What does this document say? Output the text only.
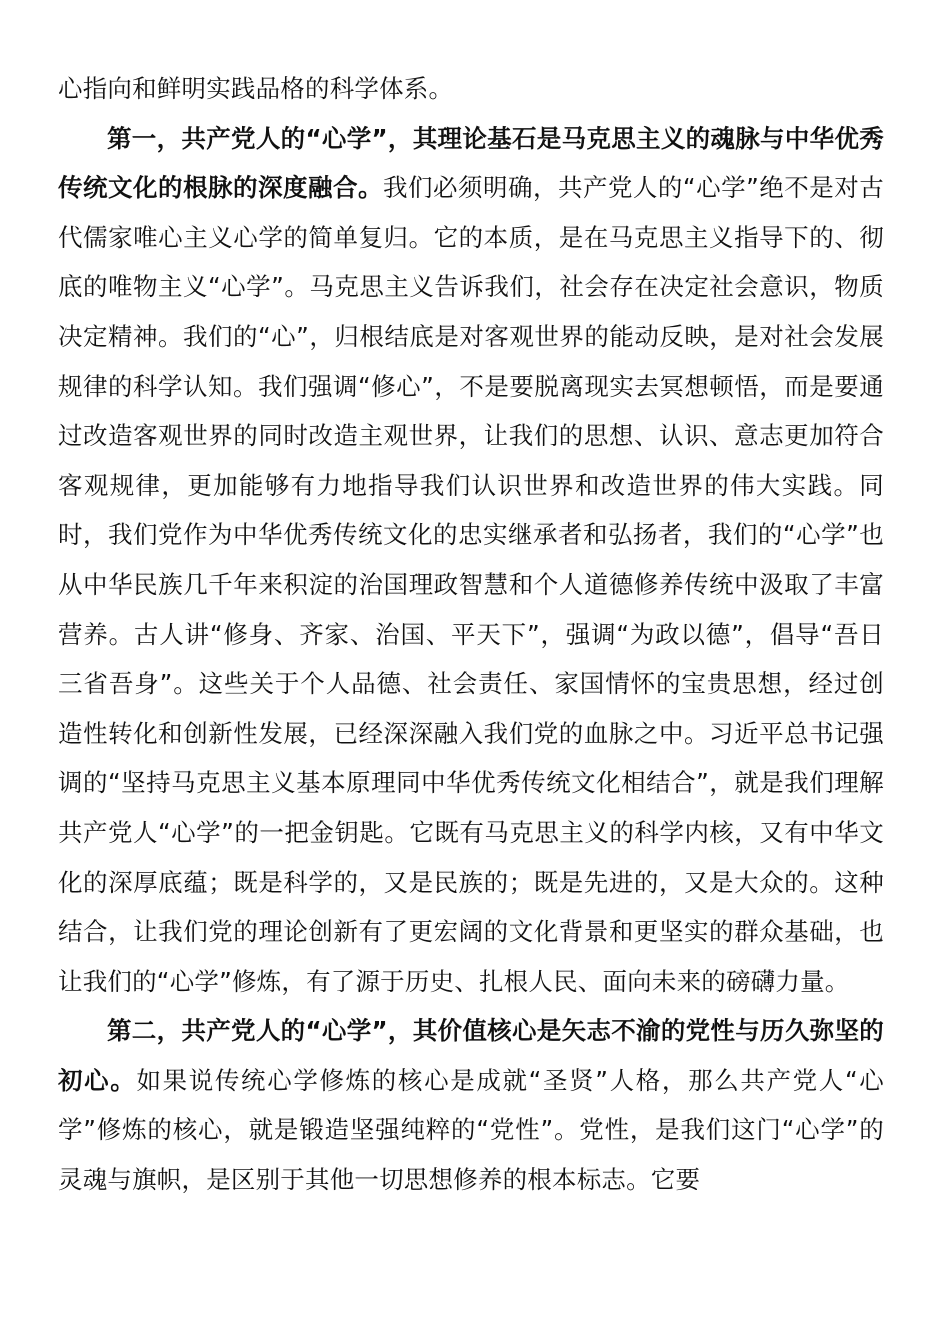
心指向和鲜明实践品格的科学体系。

第一，共产党人的“心学”，其理论基石是马克思主义的魂脉与中华优秀传统文化的根脉的深度融合。我们必须明确，共产党人的“心学”绝不是对古代儒家唯心主义心学的简单复归。它的本质，是在马克思主义指导下的、彻底的唯物主义“心学”。马克思主义告诉我们，社会存在决定社会意识，物质决定精神。我们的“心”，归根结底是对客观世界的能动反映，是对社会发展规律的科学认知。我们强调“修心”，不是要脱离现实去冥想顿悟，而是要通过改造客观世界的同时改造主观世界，让我们的思想、认识、意志更加符合客观规律，更加能够有力地指导我们认识世界和改造世界的伟大实践。同时，我们党作为中华优秀传统文化的忠实继承者和弘扬者，我们的“心学”也从中华民族几千年来积淀的治国理政智慧和个人道德修养传统中汲取了丰富营养。古人讲“修身、齐家、治国、平天下”，强调“为政以德”，倡导“吾日三省吾身”。这些关于个人品德、社会责任、家国情怀的宝贵思想，经过创造性转化和创新性发展，已经深深融入我们党的血脉之中。习近平总书记强调的“坚持马克思主义基本原理同中华优秀传统文化相结合”，就是我们理解共产党人“心学”的一把金钥匙。它既有马克思主义的科学内核，又有中华文化的深厚底蕴；既是科学的，又是民族的；既是先进的，又是大众的。这种结合，让我们党的理论创新有了更宏阔的文化背景和更坚实的群众基础，也让我们的“心学”修炼，有了源于历史、扎根人民、面向未来的磅礴力量。

第二，共产党人的“心学”，其价值核心是矢志不渝的党性与历久弥坚的初心。如果说传统心学修炼的核心是成就“圣贤”人格，那么共产党人“心学”修炼的核心，就是锻造坚强纯粹的“党性”。党性，是我们这门“心学”的灵魂与旗帜，是区别于其他一切思想修养的根本标志。它要
